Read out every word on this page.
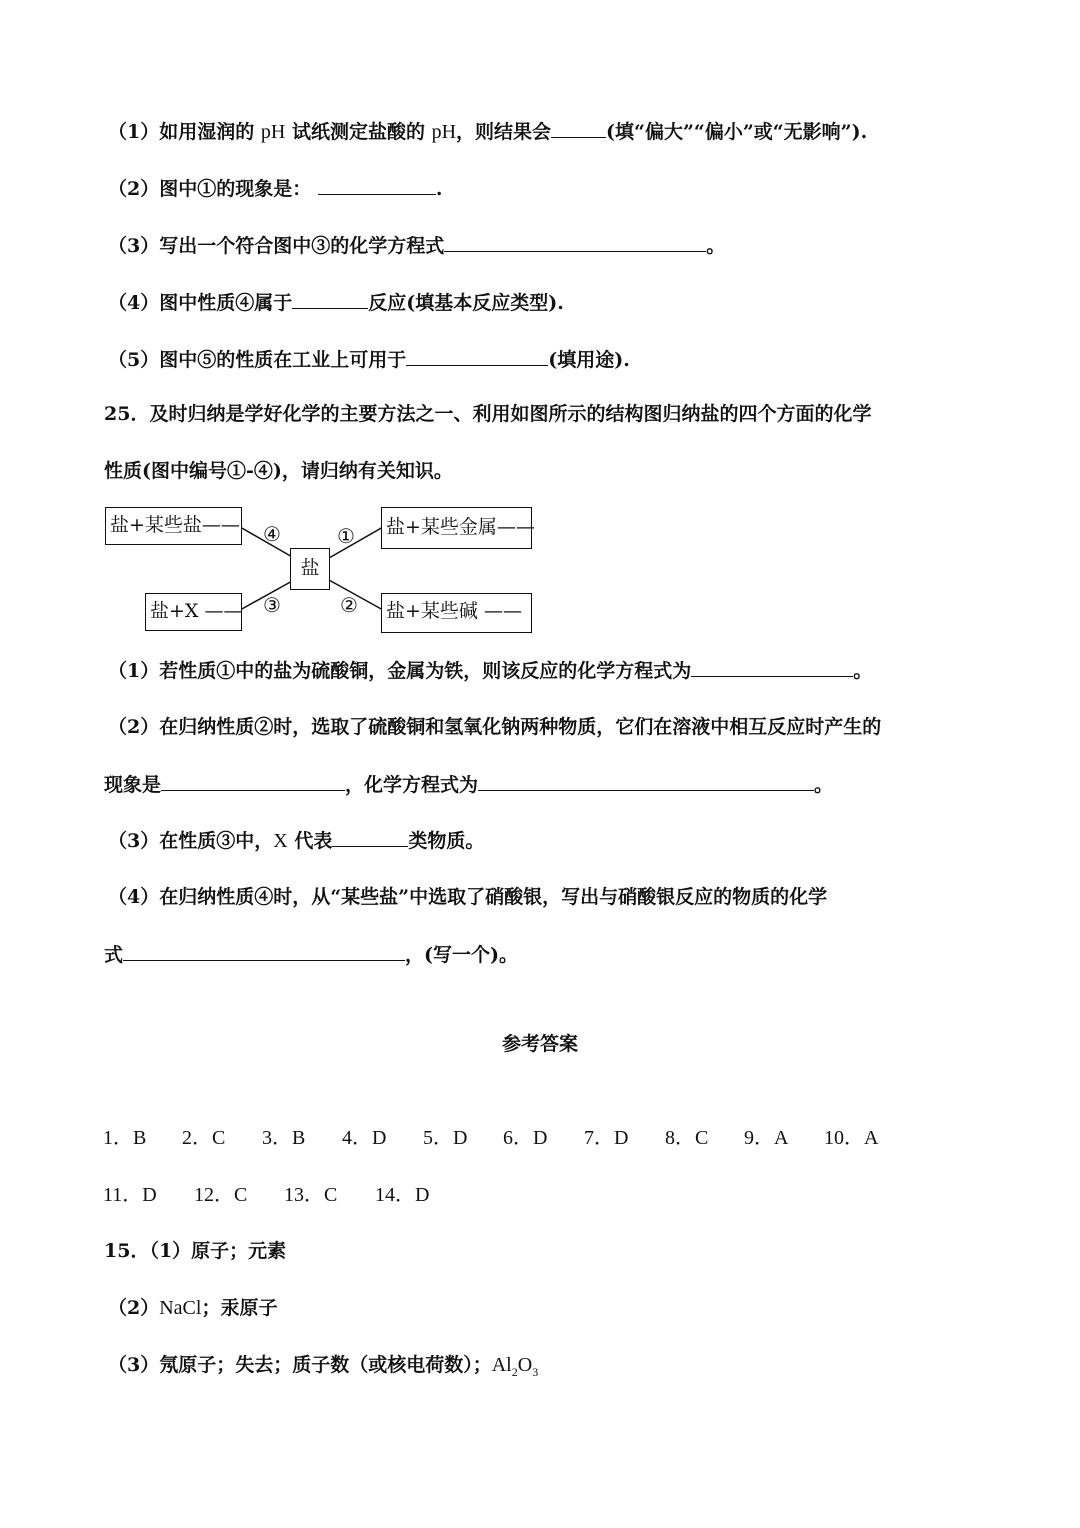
（1）如用湿润的 pH 试纸测定盐酸的 pH，则结果会	(填“偏大”“偏小”或“无影响”).
（2）图中①的现象是：	.
（3）写出一个符合图中③的化学方程式	。
（4）图中性质④属于	反应(填基本反应类型).
（5）图中⑤的性质在工业上可用于	(填用途).
25．及时归纳是学好化学的主要方法之一、利用如图所示的结构图归纳盐的四个方面的化学
性质(图中编号①-④)，请归纳有关知识。
盐+某些盐——	盐+某些金属——
盐
盐+X ——	盐+某些碱 ——
④	①
③	②
（1）若性质①中的盐为硫酸铜，金属为铁，则该反应的化学方程式为	。
（2）在归纳性质②时，选取了硫酸铜和氢氧化钠两种物质，它们在溶液中相互反应时产生的
现象是	，化学方程式为	。
（3）在性质③中，X 代表	类物质。
（4）在归纳性质④时，从“某些盐”中选取了硝酸银，写出与硝酸银反应的物质的化学
式	，(写一个)。
参考答案
1．B 2．C 3．B 4．D 5．D 6．D 7．D 8．C 9．A 10．A
11．D 12．C 13．C 14．D
15．（1）原子；元素
（2）NaCl；汞原子
（3）氖原子；失去；质子数（或核电荷数）；$Al_2O_3$
